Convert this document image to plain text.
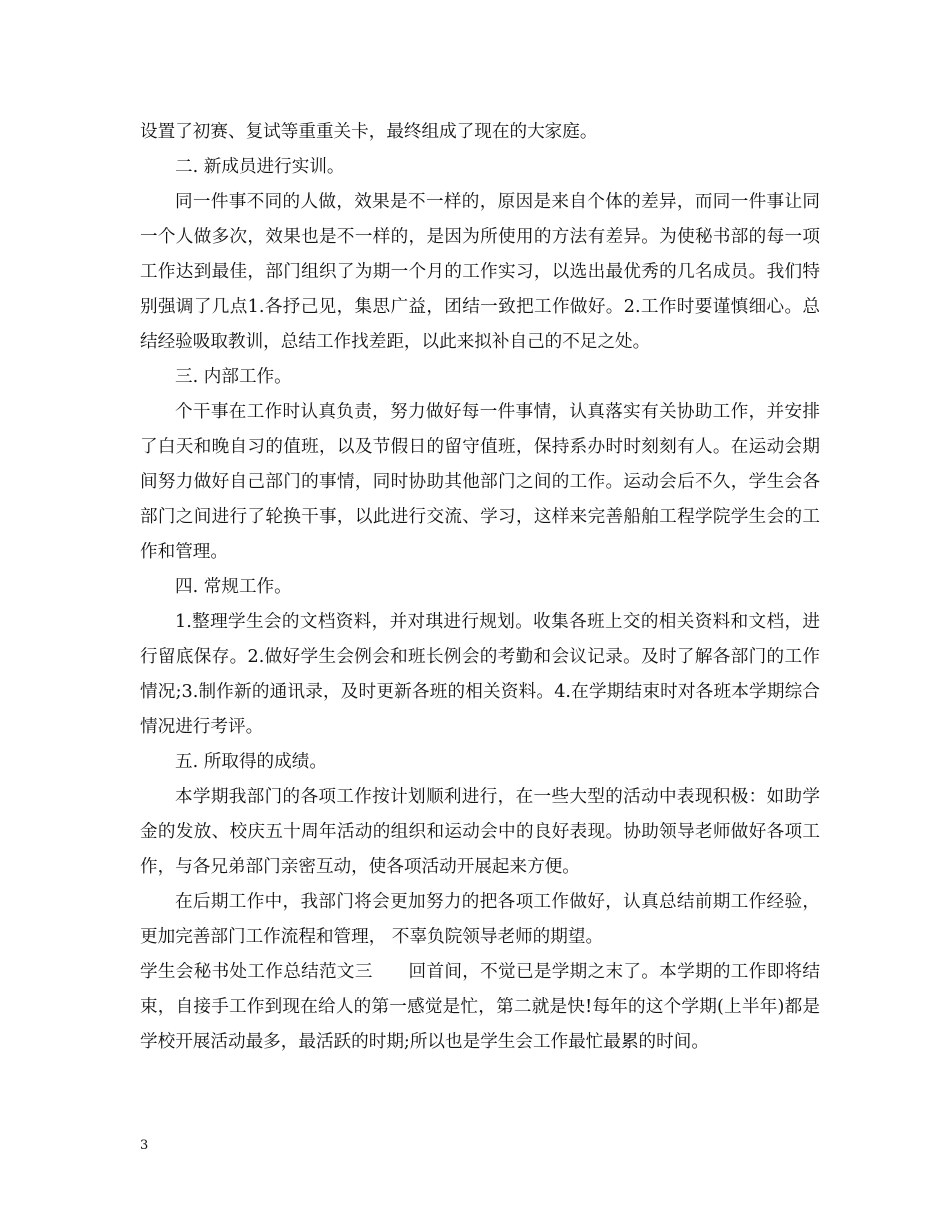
设置了初赛、复试等重重关卡，最终组成了现在的大家庭。

二. 新成员进行实训。

同一件事不同的人做，效果是不一样的，原因是来自个体的差异，而同一件事让同一个人做多次，效果也是不一样的，是因为所使用的方法有差异。为使秘书部的每一项工作达到最佳，部门组织了为期一个月的工作实习，以选出最优秀的几名成员。我们特别强调了几点1.各抒己见，集思广益，团结一致把工作做好。2.工作时要谨慎细心。总结经验吸取教训，总结工作找差距，以此来拟补自己的不足之处。

三. 内部工作。

个干事在工作时认真负责，努力做好每一件事情，认真落实有关协助工作，并安排了白天和晚自习的值班，以及节假日的留守值班，保持系办时时刻刻有人。在运动会期间努力做好自己部门的事情，同时协助其他部门之间的工作。运动会后不久，学生会各部门之间进行了轮换干事，以此进行交流、学习，这样来完善船舶工程学院学生会的工作和管理。

四. 常规工作。

1.整理学生会的文档资料，并对琪进行规划。收集各班上交的相关资料和文档，进行留底保存。2.做好学生会例会和班长例会的考勤和会议记录。及时了解各部门的工作情况;3.制作新的通讯录，及时更新各班的相关资料。4.在学期结束时对各班本学期综合情况进行考评。

五. 所取得的成绩。

本学期我部门的各项工作按计划顺利进行，在一些大型的活动中表现积极：如助学金的发放、校庆五十周年活动的组织和运动会中的良好表现。协助领导老师做好各项工作，与各兄弟部门亲密互动，使各项活动开展起来方便。

在后期工作中，我部门将会更加努力的把各项工作做好，认真总结前期工作经验，更加完善部门工作流程和管理， 不辜负院领导老师的期望。

学生会秘书处工作总结范文三　　回首间，不觉已是学期之末了。本学期的工作即将结束，自接手工作到现在给人的第一感觉是忙，第二就是快!每年的这个学期(上半年)都是学校开展活动最多，最活跃的时期;所以也是学生会工作最忙最累的时间。

3
